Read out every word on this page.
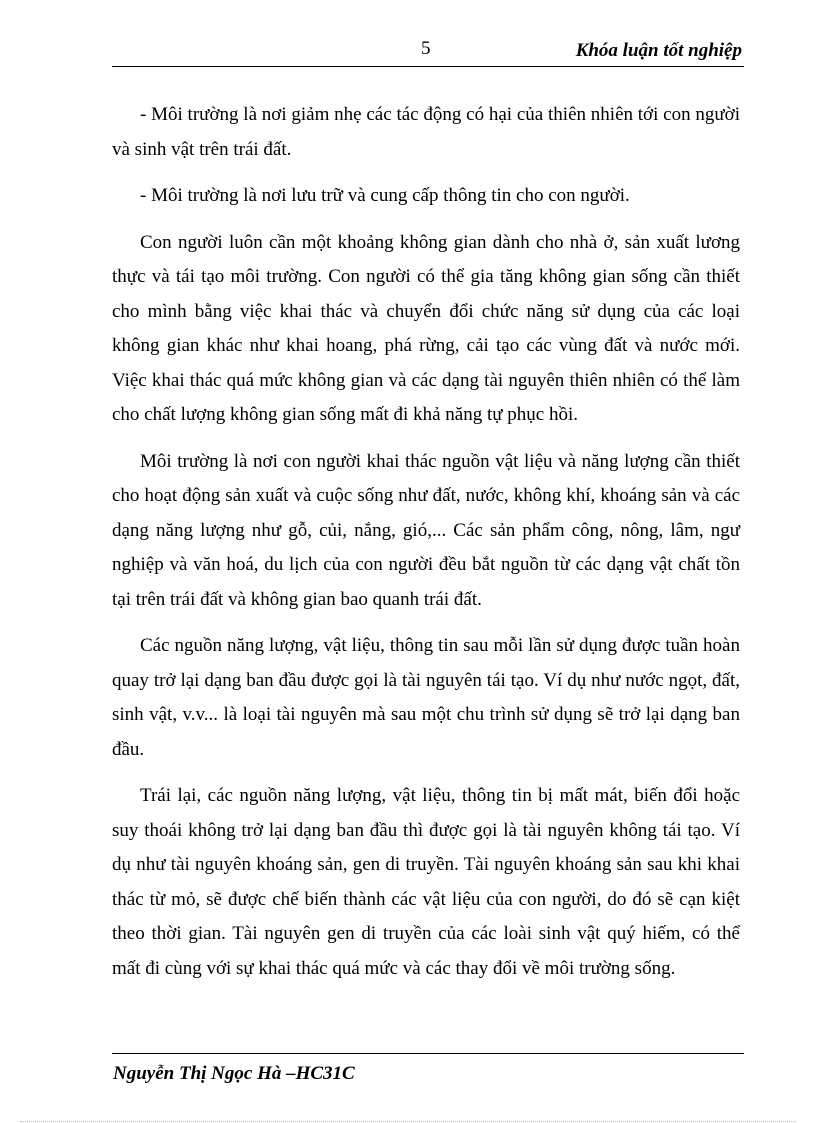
5	Khóa luận tốt nghiệp

- Môi trường là nơi giảm nhẹ các tác động có hại của thiên nhiên tới con người và sinh vật trên trái đất.

- Môi trường là nơi lưu trữ và cung cấp thông tin cho con người.

Con người luôn cần một khoảng không gian dành cho nhà ở, sản xuất lương thực và tái tạo môi trường. Con người có thể gia tăng không gian sống cần thiết cho mình bằng việc khai thác và chuyển đổi chức năng sử dụng của các loại không gian khác như khai hoang, phá rừng, cải tạo các vùng đất và nước mới. Việc khai thác quá mức không gian và các dạng tài nguyên thiên nhiên có thể làm cho chất lượng không gian sống mất đi khả năng tự phục hồi.

Môi trường là nơi con người khai thác nguồn vật liệu và năng lượng cần thiết cho hoạt động sản xuất và cuộc sống như đất, nước, không khí, khoáng sản và các dạng năng lượng như gỗ, củi, nắng, gió,... Các sản phẩm công, nông, lâm, ngư nghiệp và văn hoá, du lịch của con người đều bắt nguồn từ các dạng vật chất tồn tại trên trái đất và không gian bao quanh trái đất.

Các nguồn năng lượng, vật liệu, thông tin sau mỗi lần sử dụng được tuần hoàn quay trở lại dạng ban đầu được gọi là tài nguyên tái tạo. Ví dụ như nước ngọt, đất, sinh vật, v.v... là loại tài nguyên mà sau một chu trình sử dụng sẽ trở lại dạng ban đầu.

Trái lại, các nguồn năng lượng, vật liệu, thông tin bị mất mát, biến đổi hoặc suy thoái không trở lại dạng ban đầu thì được gọi là tài nguyên không tái tạo. Ví dụ như tài nguyên khoáng sản, gen di truyền. Tài nguyên khoáng sản sau khi khai thác từ mỏ, sẽ được chế biến thành các vật liệu của con người, do đó sẽ cạn kiệt theo thời gian. Tài nguyên gen di truyền của các loài sinh vật quý hiếm, có thể mất đi cùng với sự khai thác quá mức và các thay đổi về môi trường sống.

Nguyễn Thị Ngọc Hà –HC31C
